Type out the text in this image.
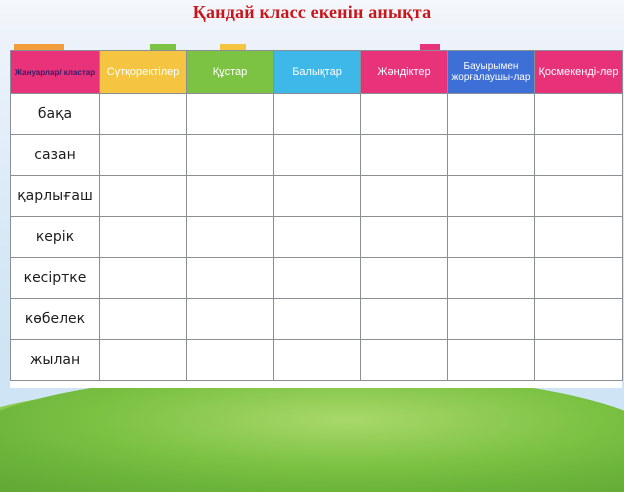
Қандай класс екенін анықта
Жануарлар/ кластар	Сүтқоректілер	Құстар	Балықтар	Жәндіктер	Бауырымен жорғалаушы-лар	Қосмекенді-лер
бақа						
сазан						
қарлығаш						
керік						
кесіртке						
көбелек						
жылан						
